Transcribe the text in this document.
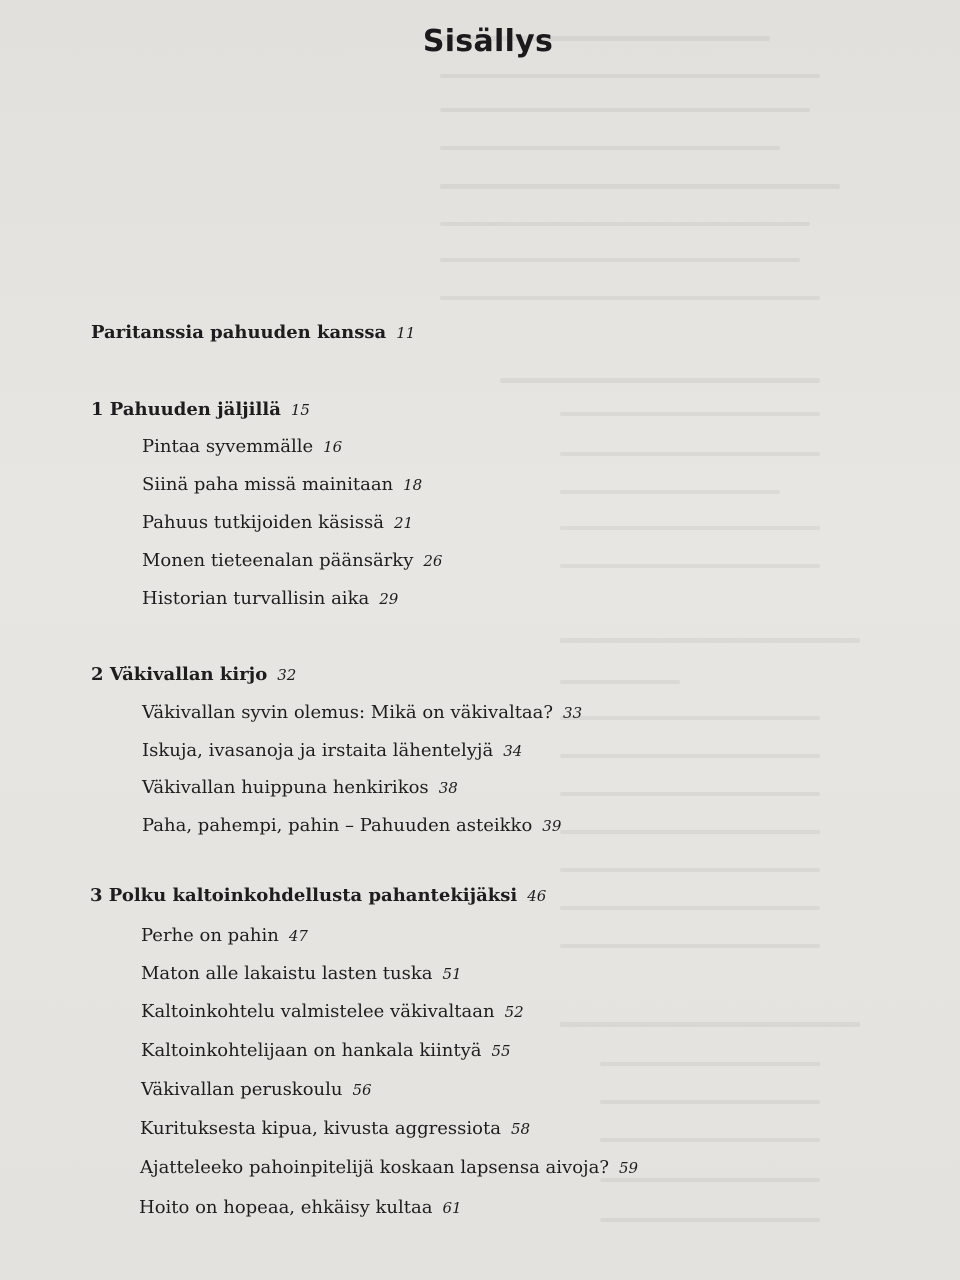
Sisällys
Paritanssia pahuuden kanssa 11
1 Pahuuden jäljillä 15
Pintaa syvemmälle 16
Siinä paha missä mainitaan 18
Pahuus tutkijoiden käsissä 21
Monen tieteenalan päänsärky 26
Historian turvallisin aika 29
2 Väkivallan kirjo 32
Väkivallan syvin olemus: Mikä on väkivaltaa? 33
Iskuja, ivasanoja ja irstaita lähentelyjä 34
Väkivallan huippuna henkirikos 38
Paha, pahempi, pahin – Pahuuden asteikko 39
3 Polku kaltoinkohdellusta pahantekijäksi 46
Perhe on pahin 47
Maton alle lakaistu lasten tuska 51
Kaltoinkohtelu valmistelee väkivaltaan 52
Kaltoinkohtelijaan on hankala kiintyä 55
Väkivallan peruskoulu 56
Kurituksesta kipua, kivusta aggressiota 58
Ajatteleeko pahoinpitelijä koskaan lapsensa aivoja? 59
Hoito on hopeaa, ehkäisy kultaa 61
